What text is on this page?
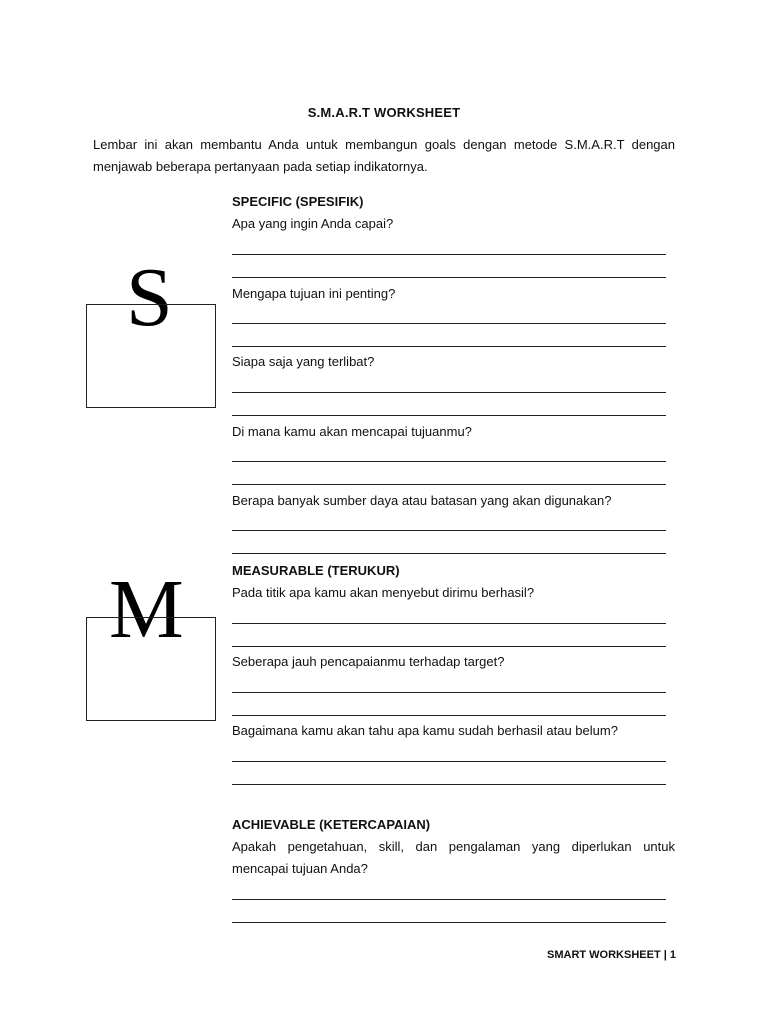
S.M.A.R.T WORKSHEET
Lembar ini akan membantu Anda untuk membangun goals dengan metode S.M.A.R.T dengan menjawab beberapa pertanyaan pada setiap indikatornya.
S
SPECIFIC (SPESIFIK)
Apa yang ingin Anda capai?
Mengapa tujuan ini penting?
Siapa saja yang terlibat?
Di mana kamu akan mencapai tujuanmu?
Berapa banyak sumber daya atau batasan yang akan digunakan?
M	MEASURABLE (TERUKUR)
Pada titik apa kamu akan menyebut dirimu berhasil?
Seberapa jauh pencapaianmu terhadap target?
Bagaimana kamu akan tahu apa kamu sudah berhasil atau belum?
ACHIEVABLE (KETERCAPAIAN)
Apakah pengetahuan, skill, dan pengalaman yang diperlukan untuk mencapai tujuan Anda?
SMART WORKSHEET | 1
